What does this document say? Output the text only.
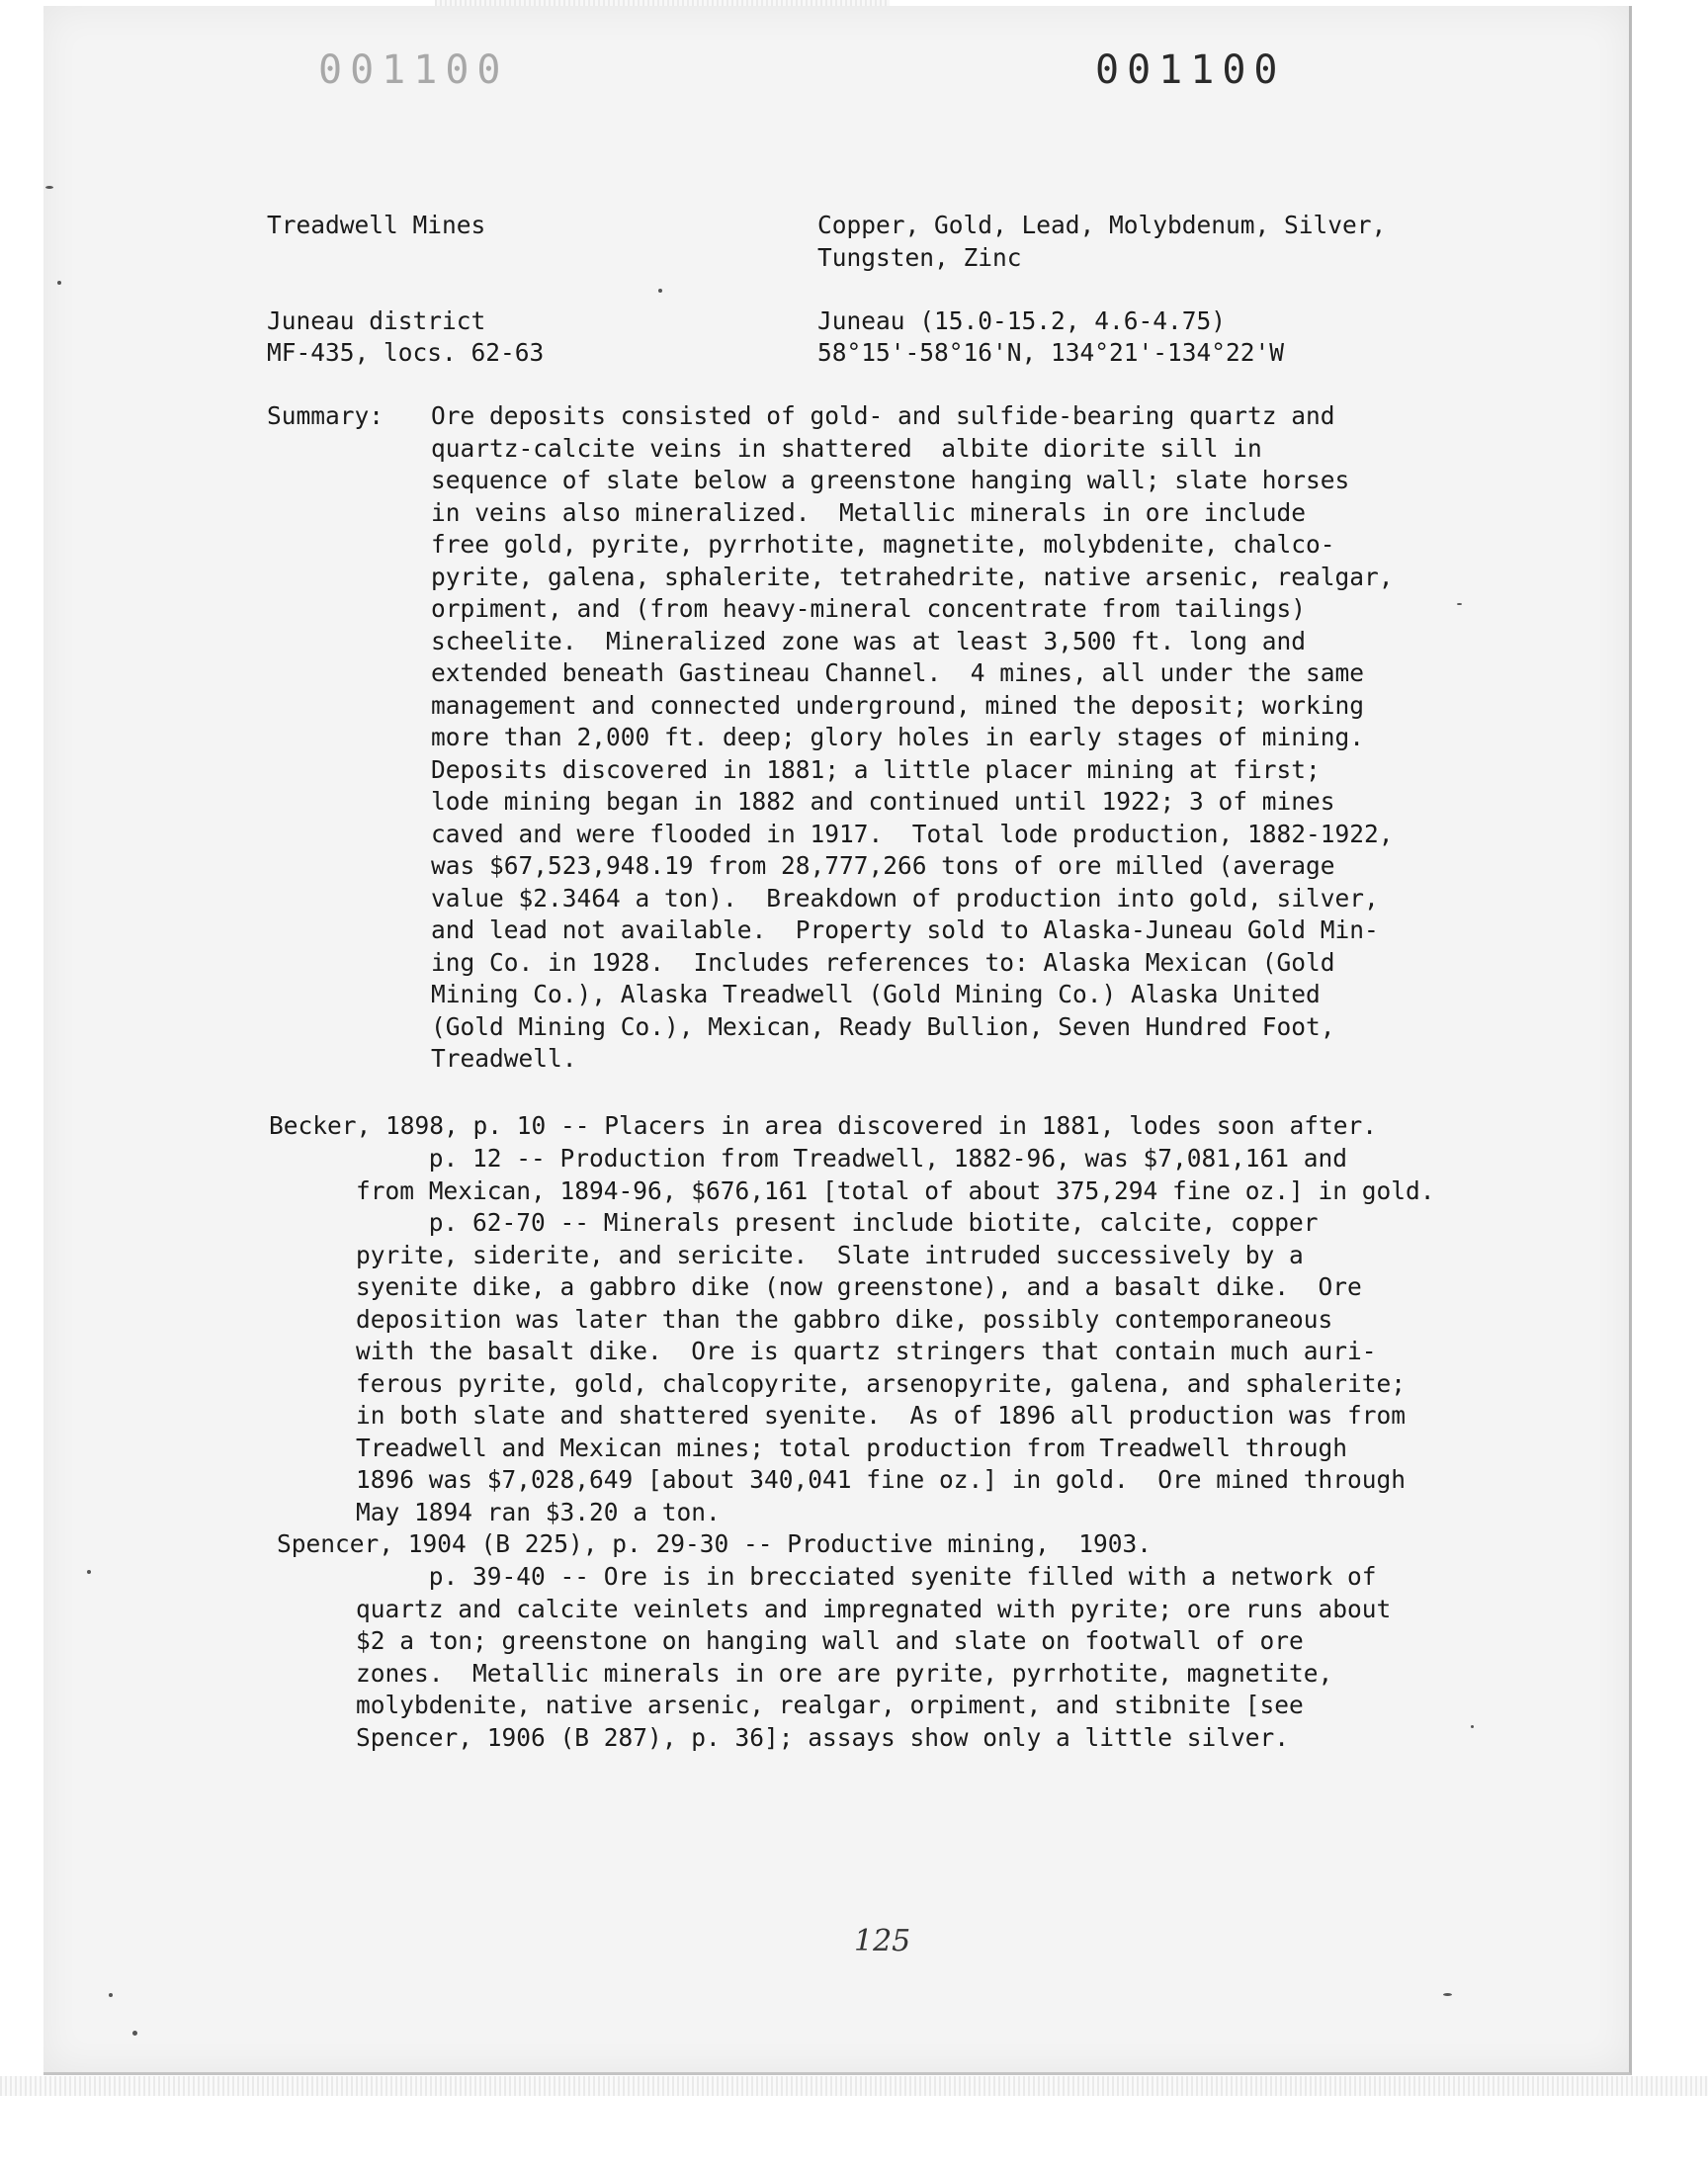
001100	001100
Treadwell Mines	Copper, Gold, Lead, Molybdenum, Silver,
Tungsten, Zinc
Juneau district
MF-435, locs. 62-63
Juneau (15.0-15.2, 4.6-4.75)
58°15'-58°16'N, 134°21'-134°22'W
Summary: Ore deposits consisted of gold- and sulfide-bearing quartz and
quartz-calcite veins in shattered  albite diorite sill in
sequence of slate below a greenstone hanging wall; slate horses
in veins also mineralized.  Metallic minerals in ore include
free gold, pyrite, pyrrhotite, magnetite, molybdenite, chalco-
pyrite, galena, sphalerite, tetrahedrite, native arsenic, realgar,
orpiment, and (from heavy-mineral concentrate from tailings)
scheelite.  Mineralized zone was at least 3,500 ft. long and
extended beneath Gastineau Channel.  4 mines, all under the same
management and connected underground, mined the deposit; working
more than 2,000 ft. deep; glory holes in early stages of mining.
Deposits discovered in 1881; a little placer mining at first;
lode mining began in 1882 and continued until 1922; 3 of mines
caved and were flooded in 1917.  Total lode production, 1882-1922,
was $67,523,948.19 from 28,777,266 tons of ore milled (average
value $2.3464 a ton).  Breakdown of production into gold, silver,
and lead not available.  Property sold to Alaska-Juneau Gold Min-
ing Co. in 1928.  Includes references to: Alaska Mexican (Gold
Mining Co.), Alaska Treadwell (Gold Mining Co.) Alaska United
(Gold Mining Co.), Mexican, Ready Bullion, Seven Hundred Foot,
Treadwell.
Becker, 1898, p. 10 -- Placers in area discovered in 1881, lodes soon after.
p. 12 -- Production from Treadwell, 1882-96, was $7,081,161 and
from Mexican, 1894-96, $676,161 [total of about 375,294 fine oz.] in gold.
p. 62-70 -- Minerals present include biotite, calcite, copper
pyrite, siderite, and sericite.  Slate intruded successively by a
syenite dike, a gabbro dike (now greenstone), and a basalt dike.  Ore
deposition was later than the gabbro dike, possibly contemporaneous
with the basalt dike.  Ore is quartz stringers that contain much auri-
ferous pyrite, gold, chalcopyrite, arsenopyrite, galena, and sphalerite;
in both slate and shattered syenite.  As of 1896 all production was from
Treadwell and Mexican mines; total production from Treadwell through
1896 was $7,028,649 [about 340,041 fine oz.] in gold.  Ore mined through
May 1894 ran $3.20 a ton.
Spencer, 1904 (B 225), p. 29-30 -- Productive mining,  1903.
p. 39-40 -- Ore is in brecciated syenite filled with a network of
quartz and calcite veinlets and impregnated with pyrite; ore runs about
$2 a ton; greenstone on hanging wall and slate on footwall of ore
zones.  Metallic minerals in ore are pyrite, pyrrhotite, magnetite,
molybdenite, native arsenic, realgar, orpiment, and stibnite [see
Spencer, 1906 (B 287), p. 36]; assays show only a little silver.
125
